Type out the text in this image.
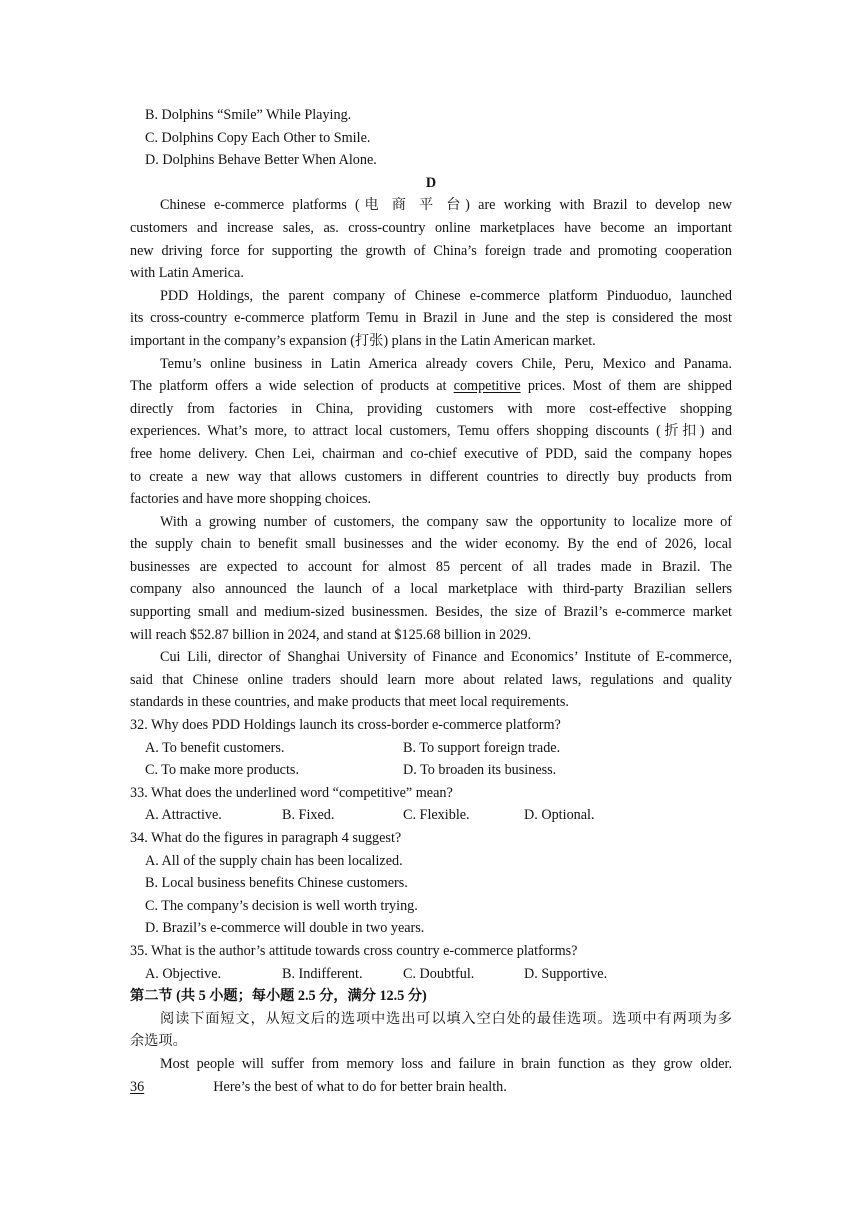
B. Dolphins “Smile” While Playing.
C. Dolphins Copy Each Other to Smile.
D. Dolphins Behave Better When Alone.
D
Chinese e-commerce platforms (电 商 平 台) are working with Brazil to develop new
customers and increase sales, as. cross-country online marketplaces have become an important
new driving force for supporting the growth of China’s foreign trade and promoting cooperation
with Latin America.
PDD Holdings, the parent company of Chinese e-commerce platform Pinduoduo, launched
its cross-country e-commerce platform Temu in Brazil in June and the step is considered the most
important in the company’s expansion (打张) plans in the Latin American market.
Temu’s online business in Latin America already covers Chile, Peru, Mexico and Panama.
The platform offers a wide selection of products at competitive prices. Most of them are shipped
directly from factories in China, providing customers with more cost-effective shopping
experiences. What’s more, to attract local customers, Temu offers shopping discounts (折扣) and
free home delivery. Chen Lei, chairman and co-chief executive of PDD, said the company hopes
to create a new way that allows customers in different countries to directly buy products from
factories and have more shopping choices.
With a growing number of customers, the company saw the opportunity to localize more of
the supply chain to benefit small businesses and the wider economy. By the end of 2026, local
businesses are expected to account for almost 85 percent of all trades made in Brazil. The
company also announced the launch of a local marketplace with third-party Brazilian sellers
supporting small and medium-sized businessmen. Besides, the size of Brazil’s e-commerce market
will reach $52.87 billion in 2024, and stand at $125.68 billion in 2029.
Cui Lili, director of Shanghai University of Finance and Economics’ Institute of E-commerce,
said that Chinese online traders should learn more about related laws, regulations and quality
standards in these countries, and make products that meet local requirements.
32. Why does PDD Holdings launch its cross-border e-commerce platform?
A. To benefit customers.	B. To support foreign trade.
C. To make more products.	D. To broaden its business.
33. What does the underlined word “competitive” mean?
A. Attractive.	B. Fixed.	C. Flexible.	D. Optional.
34. What do the figures in paragraph 4 suggest?
A. All of the supply chain has been localized.
B. Local business benefits Chinese customers.
C. The company’s decision is well worth trying.
D. Brazil’s e-commerce will double in two years.
35. What is the author’s attitude towards cross country e-commerce platforms?
A. Objective.	B. Indifferent.	C. Doubtful.	D. Supportive.
第二节 (共 5 小题；每小题 2.5 分，满分 12.5 分)
阅读下面短文，从短文后的选项中选出可以填入空白处的最佳选项。选项中有两项为多
余选项。
Most people will suffer from memory loss and failure in brain function as they grow older.
36	Here’s the best of what to do for better brain health.
